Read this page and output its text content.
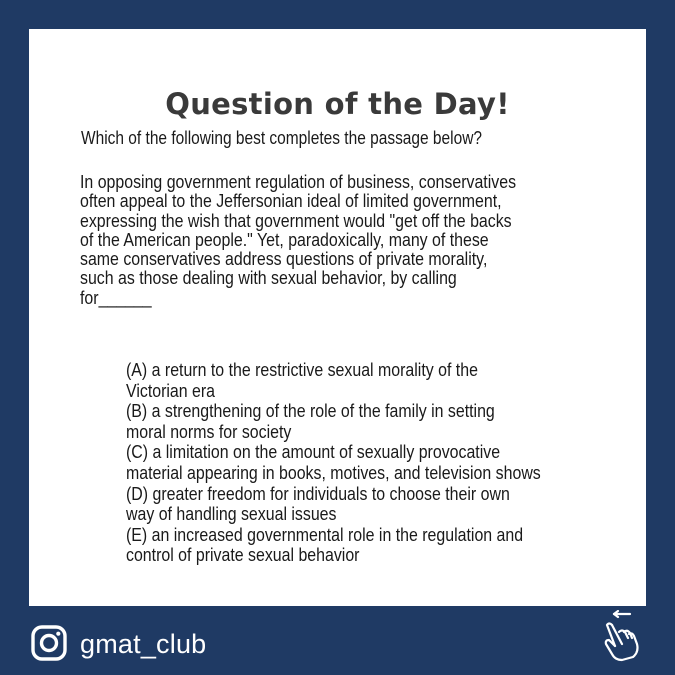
Question of the Day!
Which of the following best completes the passage below?

In opposing government regulation of business, conservatives
often appeal to the Jeffersonian ideal of limited government,
expressing the wish that government would "get off the backs
of the American people." Yet, paradoxically, many of these
same conservatives address questions of private morality,
such as those dealing with sexual behavior, by calling
for______

(A) a return to the restrictive sexual morality of the
Victorian era
(B) a strengthening of the role of the family in setting
moral norms for society
(C) a limitation on the amount of sexually provocative
material appearing in books, motives, and television shows
(D) greater freedom for individuals to choose their own
way of handling sexual issues
(E) an increased governmental role in the regulation and
control of private sexual behavior
gmat_club
